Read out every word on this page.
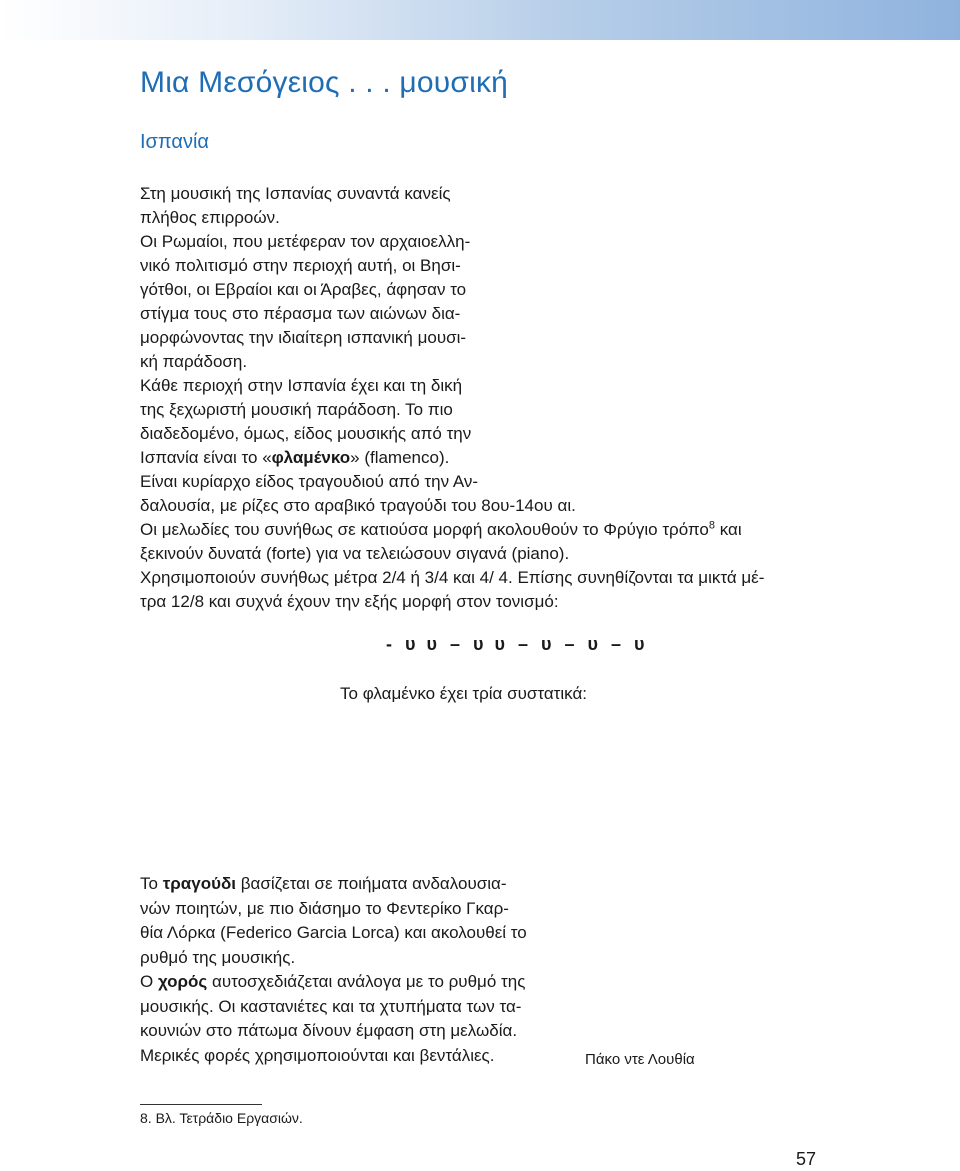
Μια Μεσόγειος . . . μουσική
Ισπανία
Στη μουσική της Ισπανίας συναντά κανείς
πλήθος επιρροών.
Οι Ρωμαίοι, που μετέφεραν τον αρχαιοελλη-
νικό πολιτισμό στην περιοχή αυτή, οι Βησι-
γότθοι, οι Εβραίοι και οι Άραβες, άφησαν το
στίγμα τους στο πέρασμα των αιώνων δια-
μορφώνοντας την ιδιαίτερη ισπανική μουσι-
κή παράδοση.
Κάθε περιοχή στην Ισπανία έχει και τη δική
της ξεχωριστή μουσική παράδοση. Το πιο
διαδεδομένο, όμως, είδος μουσικής από την
Ισπανία είναι το «φλαμένκο» (flamenco).
Είναι κυρίαρχο είδος τραγουδιού από την Αν-
δαλουσία, με ρίζες στο αραβικό τραγούδι του 8ου-14ου αι.
Οι μελωδίες του συνήθως σε κατιούσα μορφή ακολουθούν το Φρύγιο τρόπο$^8$ και
ξεκινούν δυνατά (forte) για να τελειώσουν σιγανά (piano).
Χρησιμοποιούν συνήθως μέτρα 2/4 ή 3/4 και 4/ 4. Επίσης συνηθίζονται τα μικτά μέ-
τρα 12/8 και συχνά έχουν την εξής μορφή στον τονισμό:

- υ υ – υ υ – υ – υ – υ

Το φλαμένκο έχει τρία συστατικά:

Το τραγούδι βασίζεται σε ποιήματα ανδαλουσια-
νών ποιητών, με πιο διάσημο το Φεντερίκο Γκαρ-
θία Λόρκα (Federico Garcia Lorca) και ακολουθεί το
ρυθμό της μουσικής.

Ο χορός αυτοσχεδιάζεται ανάλογα με το ρυθμό της
μουσικής. Οι καστανιέτες και τα χτυπήματα των τα-
κουνιών στο πάτωμα δίνουν έμφαση στη μελωδία.
Μερικές φορές χρησιμοποιούνται και βεντάλιες.	Πάκο ντε Λουθία

8. Βλ. Τετράδιο Εργασιών.

57
